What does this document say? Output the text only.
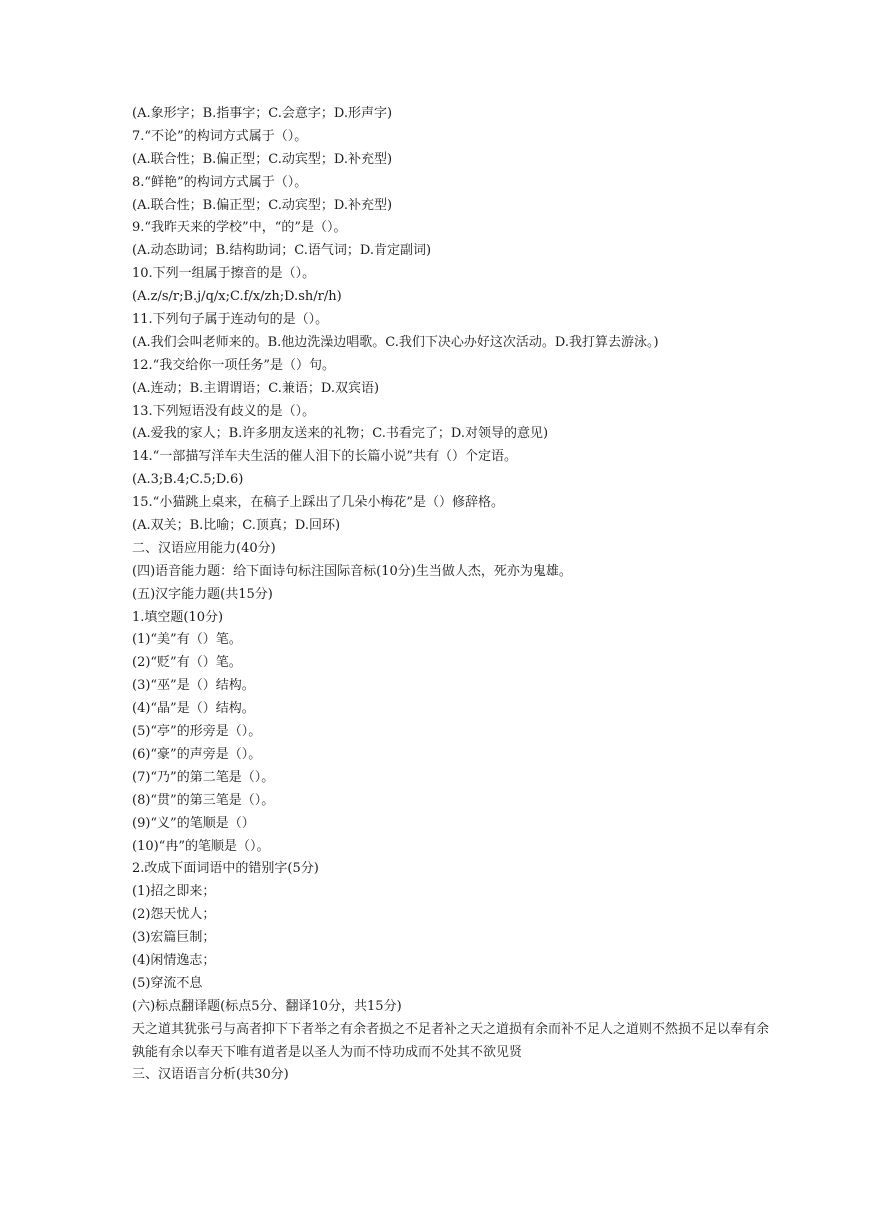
(A.象形字；B.指事字；C.会意字；D.形声字)
7.“不论”的构词方式属于（）。
(A.联合性；B.偏正型；C.动宾型；D.补充型)
8.“鲜艳”的构词方式属于（）。
(A.联合性；B.偏正型；C.动宾型；D.补充型)
9.“我昨天来的学校”中，“的”是（）。
(A.动态助词；B.结构助词；C.语气词；D.肯定副词)
10.下列一组属于擦音的是（）。
(A.z/s/r;B.j/q/x;C.f/x/zh;D.sh/r/h)
11.下列句子属于连动句的是（）。
(A.我们会叫老师来的。B.他边洗澡边唱歌。C.我们下决心办好这次活动。D.我打算去游泳。)
12.“我交给你一项任务”是（）句。
(A.连动；B.主谓谓语；C.兼语；D.双宾语)
13.下列短语没有歧义的是（）。
(A.爱我的家人；B.许多朋友送来的礼物；C.书看完了；D.对领导的意见)
14.“一部描写洋车夫生活的催人泪下的长篇小说”共有（）个定语。
(A.3;B.4;C.5;D.6)
15.“小猫跳上桌来，在稿子上踩出了几朵小梅花”是（）修辞格。
(A.双关；B.比喻；C.顶真；D.回环)
二、汉语应用能力(40分)
(四)语音能力题：给下面诗句标注国际音标(10分)生当做人杰，死亦为鬼雄。
(五)汉字能力题(共15分)
1.填空题(10分)
(1)“美”有（）笔。
(2)“贬”有（）笔。
(3)“巫”是（）结构。
(4)“晶”是（）结构。
(5)“亭”的形旁是（）。
(6)“豪”的声旁是（）。
(7)“乃”的第二笔是（）。
(8)“贯”的第三笔是（）。
(9)“义”的笔顺是（）
(10)“冉”的笔顺是（）。
2.改成下面词语中的错别字(5分)
(1)招之即来；
(2)怨天忧人；
(3)宏篇巨制；
(4)闲情逸志；
(5)穿流不息
(六)标点翻译题(标点5分、翻译10分，共15分)
天之道其犹张弓与高者抑下下者举之有余者损之不足者补之天之道损有余而补不足人之道则不然损不足以奉有余孰能有余以奉天下唯有道者是以圣人为而不恃功成而不处其不欲见贤
三、汉语语言分析(共30分)
